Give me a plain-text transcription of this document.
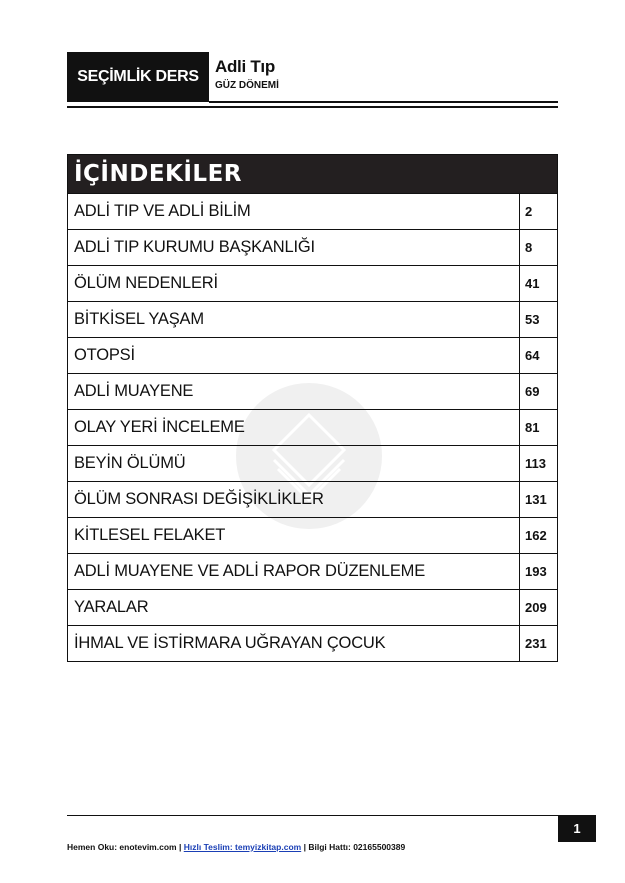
SEÇİMLİK DERS
Adli Tıp
GÜZ DÖNEMİ
İÇİNDEKİLER	
ADLİ TIP VE ADLİ BİLİM	2
ADLİ TIP KURUMU BAŞKANLIĞI	8
ÖLÜM NEDENLERİ	41
BİTKİSEL YAŞAM	53
OTOPSİ	64
ADLİ MUAYENE	69
OLAY YERİ İNCELEME	81
BEYİN ÖLÜMÜ	113
ÖLÜM SONRASI DEĞİŞİKLİKLER	131
KİTLESEL FELAKET	162
ADLİ MUAYENE VE ADLİ RAPOR DÜZENLEME	193
YARALAR	209
İHMAL VE İSTİRMARA UĞRAYAN ÇOCUK	231
1
Hemen Oku: enotevim.com | Hızlı Teslim: temyizkitap.com | Bilgi Hattı: 02165500389
